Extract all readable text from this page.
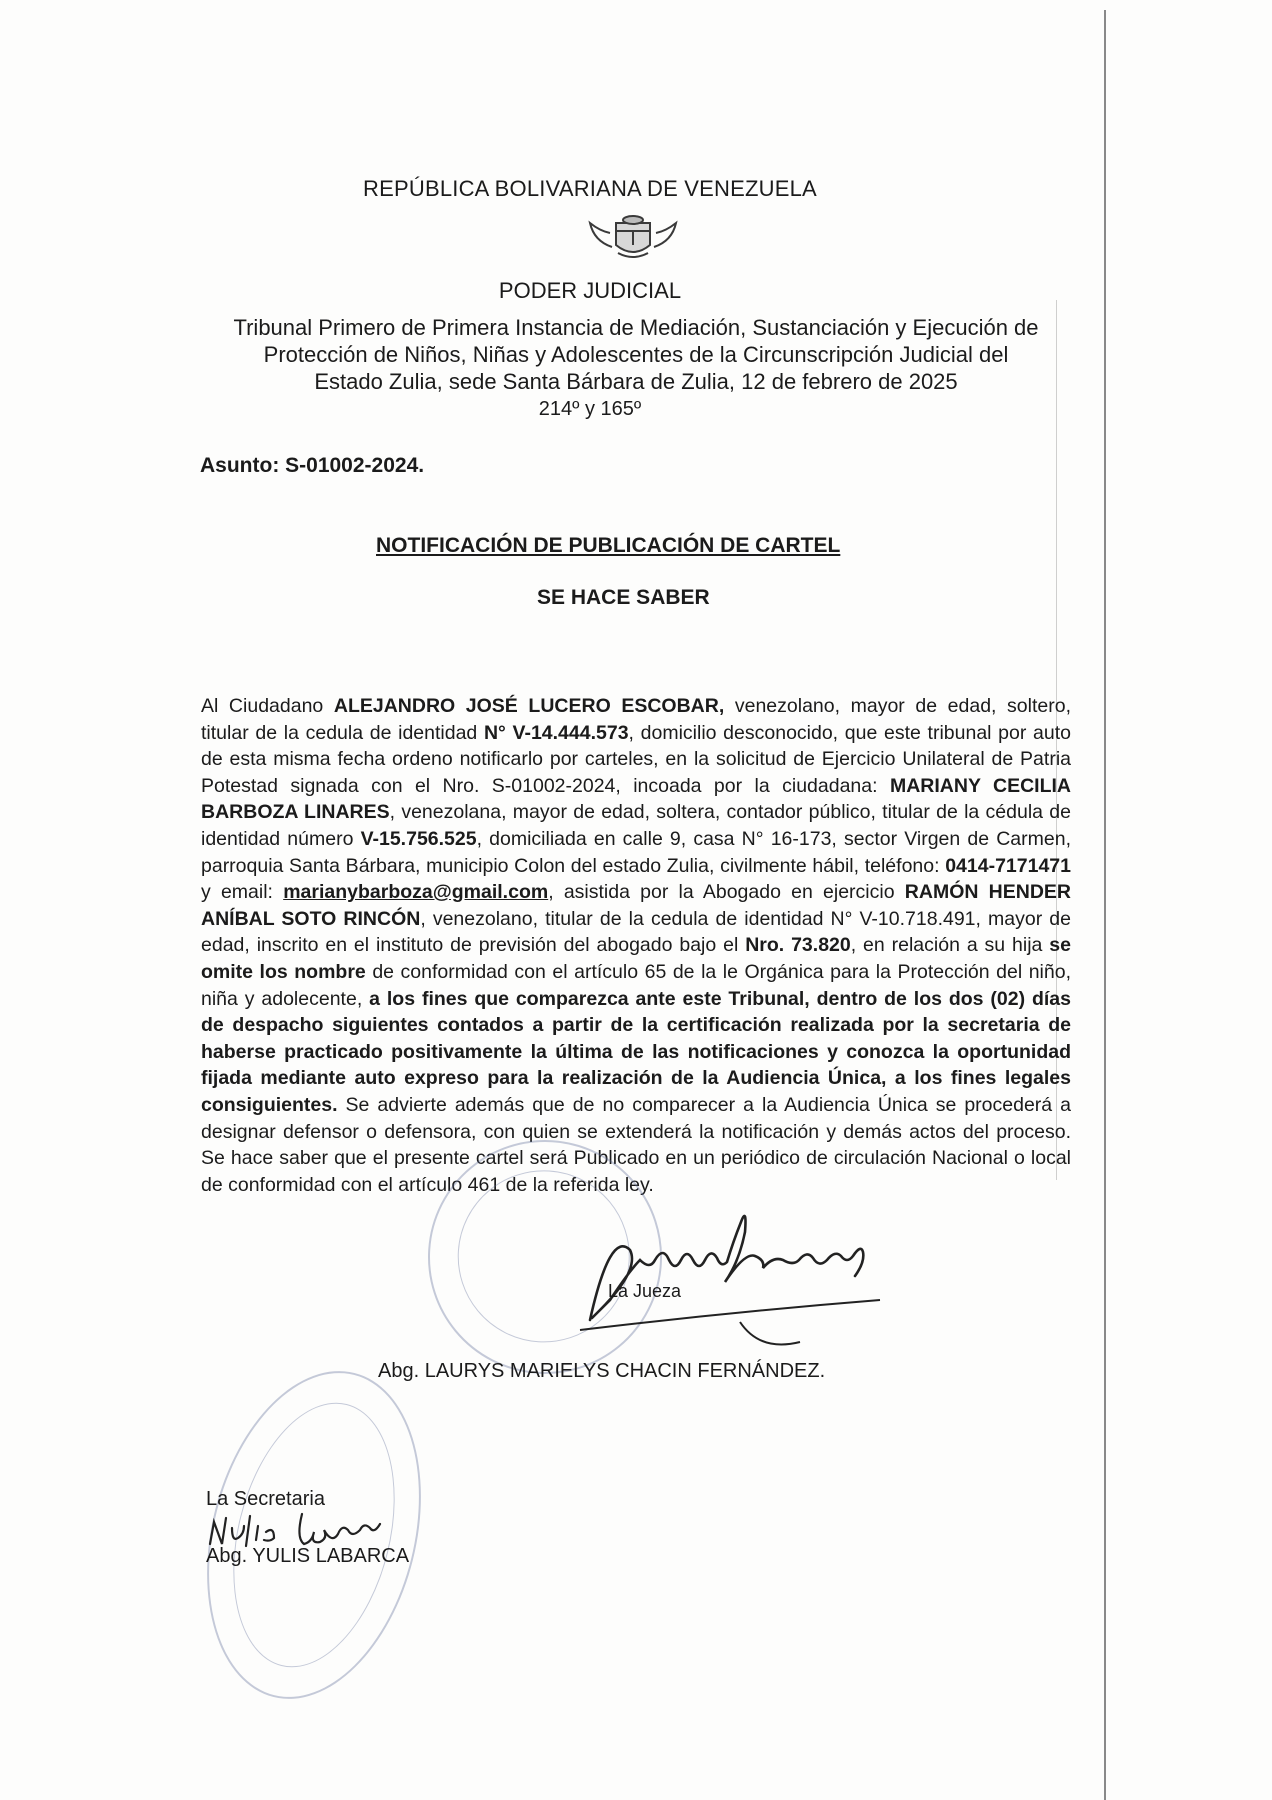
REPÚBLICA BOLIVARIANA DE VENEZUELA
PODER JUDICIAL
Tribunal Primero de Primera Instancia de Mediación, Sustanciación y Ejecución de
Protección de Niños, Niñas y Adolescentes de la Circunscripción Judicial del
Estado Zulia, sede Santa Bárbara de Zulia, 12 de febrero de 2025
214º y 165º
Asunto: S-01002-2024.
NOTIFICACIÓN DE PUBLICACIÓN DE CARTEL
SE HACE SABER
Al Ciudadano ALEJANDRO JOSÉ LUCERO ESCOBAR, venezolano, mayor de edad, soltero, titular de la cedula de identidad N° V-14.444.573, domicilio desconocido, que este tribunal por auto de esta misma fecha ordeno notificarlo por carteles, en la solicitud de Ejercicio Unilateral de Patria Potestad signada con el Nro. S-01002-2024, incoada por la ciudadana: MARIANY CECILIA BARBOZA LINARES, venezolana, mayor de edad, soltera, contador público, titular de la cédula de identidad número V-15.756.525, domiciliada en calle 9, casa N° 16-173, sector Virgen de Carmen, parroquia Santa Bárbara, municipio Colon del estado Zulia, civilmente hábil, teléfono: 0414-7171471 y email: marianybarboza@gmail.com, asistida por la Abogado en ejercicio RAMÓN HENDER ANÍBAL SOTO RINCÓN, venezolano, titular de la cedula de identidad N° V-10.718.491, mayor de edad, inscrito en el instituto de previsión del abogado bajo el Nro. 73.820, en relación a su hija se omite los nombre de conformidad con el artículo 65 de la le Orgánica para la Protección del niño, niña y adolecente, a los fines que comparezca ante este Tribunal, dentro de los dos (02) días de despacho siguientes contados a partir de la certificación realizada por la secretaria de haberse practicado positivamente la última de las notificaciones y conozca la oportunidad fijada mediante auto expreso para la realización de la Audiencia Única, a los fines legales consiguientes. Se advierte además que de no comparecer a la Audiencia Única se procederá a designar defensor o defensora, con quien se extenderá la notificación y demás actos del proceso. Se hace saber que el presente cartel será Publicado en un periódico de circulación Nacional o local de conformidad con el artículo 461 de la referida ley.
La Jueza
Abg. LAURYS MARIELYS CHACIN FERNÁNDEZ.
La Secretaria
Abg. YULIS LABARCA
